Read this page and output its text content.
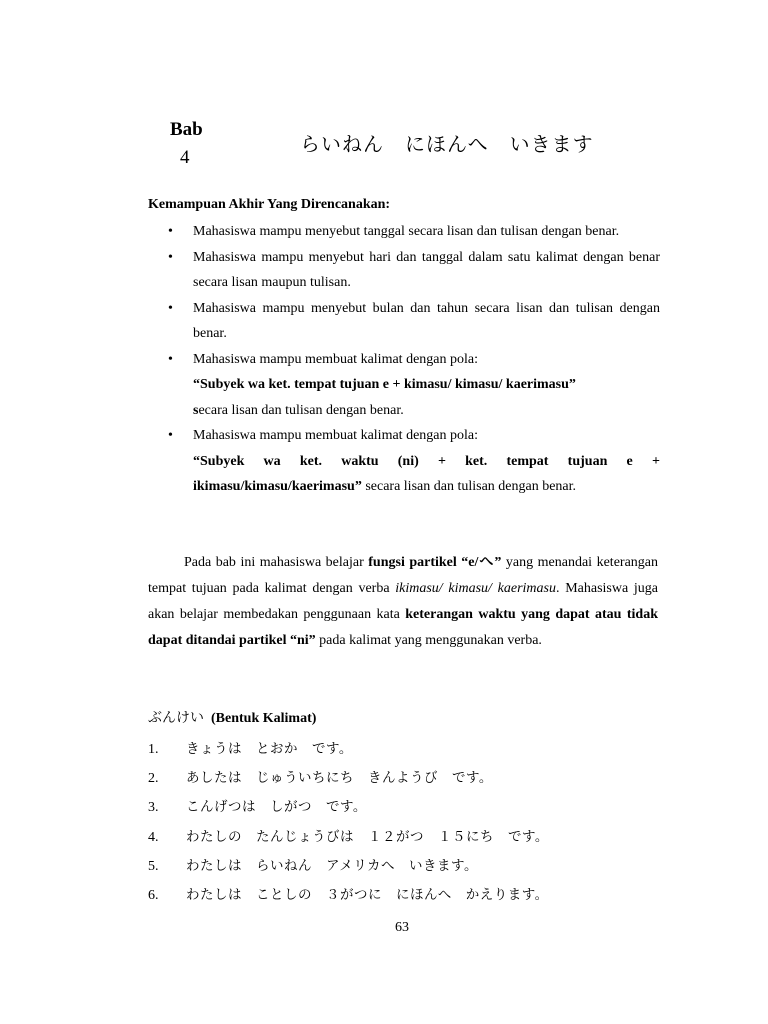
Bab
4
らいねん　にほんへ　いきます
Kemampuan Akhir Yang Direncanakan:
• Mahasiswa mampu menyebut tanggal secara lisan dan tulisan dengan benar.
• Mahasiswa mampu menyebut hari dan tanggal dalam satu kalimat dengan benar secara lisan maupun tulisan.
• Mahasiswa mampu menyebut bulan dan tahun secara lisan dan tulisan dengan benar.
• Mahasiswa mampu membuat kalimat dengan pola:
“Subyek wa ket. tempat tujuan e + kimasu/ kimasu/ kaerimasu”
secara lisan dan tulisan dengan benar.
• Mahasiswa mampu membuat kalimat dengan pola:
“Subyek wa ket. waktu (ni) + ket. tempat tujuan e +
ikimasu/kimasu/kaerimasu” secara lisan dan tulisan dengan benar.
Pada bab ini mahasiswa belajar fungsi partikel “e/へ” yang menandai keterangan tempat tujuan pada kalimat dengan verba ikimasu/ kimasu/ kaerimasu. Mahasiswa juga akan belajar membedakan penggunaan kata keterangan waktu yang dapat atau tidak dapat ditandai partikel “ni” pada kalimat yang menggunakan verba.
ぶんけい (Bentuk Kalimat)
1.	きょうは　とおか　です。
2.	あしたは　じゅういちにち　きんようび　です。
3.	こんげつは　しがつ　です。
4.	わたしの　たんじょうびは　１２がつ　１５にち　です。
5.	わたしは　らいねん　アメリカへ　いきます。
6.	わたしは　ことしの　３がつに　にほんへ　かえります。
63
